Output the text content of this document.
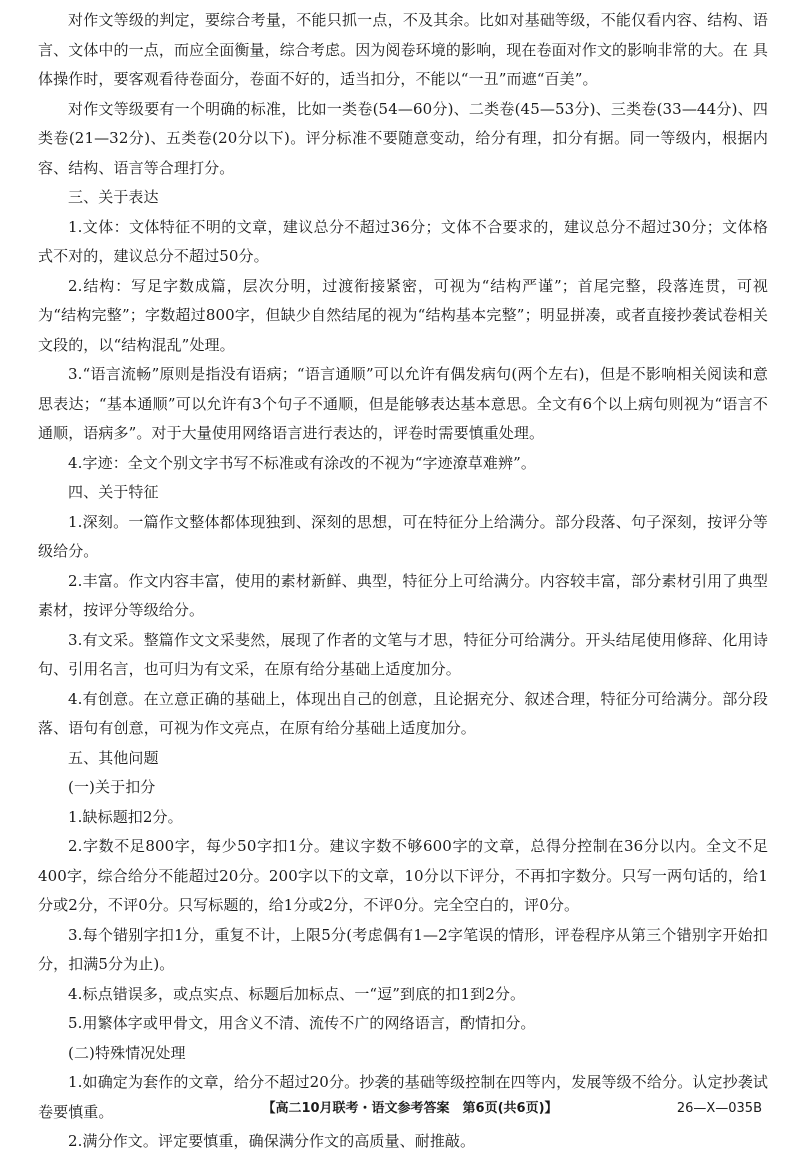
对作文等级的判定，要综合考量，不能只抓一点，不及其余。比如对基础等级，不能仅看内容、结构、语言、文体中的一点，而应全面衡量，综合考虑。因为阅卷环境的影响，现在卷面对作文的影响非常的大。在 具体操作时，要客观看待卷面分，卷面不好的，适当扣分，不能以“一丑”而遮“百美”。

对作文等级要有一个明确的标准，比如一类卷(54—60分)、二类卷(45—53分)、三类卷(33—44分)、四类卷(21—32分)、五类卷(20分以下)。评分标准不要随意变动，给分有理，扣分有据。同一等级内，根据内容、结构、语言等合理打分。

三、关于表达

1.文体：文体特征不明的文章，建议总分不超过36分；文体不合要求的，建议总分不超过30分；文体格式不对的，建议总分不超过50分。

2.结构：写足字数成篇，层次分明，过渡衔接紧密，可视为“结构严谨”；首尾完整，段落连贯，可视为“结构完整”；字数超过800字，但缺少自然结尾的视为“结构基本完整”；明显拼凑，或者直接抄袭试卷相关文段的，以“结构混乱”处理。

3.“语言流畅”原则是指没有语病；“语言通顺”可以允许有偶发病句(两个左右)，但是不影响相关阅读和意思表达；“基本通顺”可以允许有3个句子不通顺，但是能够表达基本意思。全文有6个以上病句则视为“语言不通顺，语病多”。对于大量使用网络语言进行表达的，评卷时需要慎重处理。

4.字迹：全文个别文字书写不标准或有涂改的不视为“字迹潦草难辨”。

四、关于特征

1.深刻。一篇作文整体都体现独到、深刻的思想，可在特征分上给满分。部分段落、句子深刻，按评分等级给分。

2.丰富。作文内容丰富，使用的素材新鲜、典型，特征分上可给满分。内容较丰富，部分素材引用了典型素材，按评分等级给分。

3.有文采。整篇作文文采斐然，展现了作者的文笔与才思，特征分可给满分。开头结尾使用修辞、化用诗句、引用名言，也可归为有文采，在原有给分基础上适度加分。

4.有创意。在立意正确的基础上，体现出自己的创意，且论据充分、叙述合理，特征分可给满分。部分段落、语句有创意，可视为作文亮点，在原有给分基础上适度加分。

五、其他问题

(一)关于扣分

1.缺标题扣2分。

2.字数不足800字，每少50字扣1分。建议字数不够600字的文章，总得分控制在36分以内。全文不足400字，综合给分不能超过20分。200字以下的文章，10分以下评分，不再扣字数分。只写一两句话的，给1分或2分，不评0分。只写标题的，给1分或2分，不评0分。完全空白的，评0分。

3.每个错别字扣1分，重复不计，上限5分(考虑偶有1—2字笔误的情形，评卷程序从第三个错别字开始扣分，扣满5分为止)。

4.标点错误多，或点实点、标题后加标点、一“逗”到底的扣1到2分。

5.用繁体字或甲骨文，用含义不清、流传不广的网络语言，酌情扣分。

(二)特殊情况处理

1.如确定为套作的文章，给分不超过20分。抄袭的基础等级控制在四等内，发展等级不给分。认定抄袭试卷要慎重。

2.满分作文。评定要慎重，确保满分作文的高质量、耐推敲。

【高二10月联考・语文参考答案　第6页(共6页)】	26—X—035B
